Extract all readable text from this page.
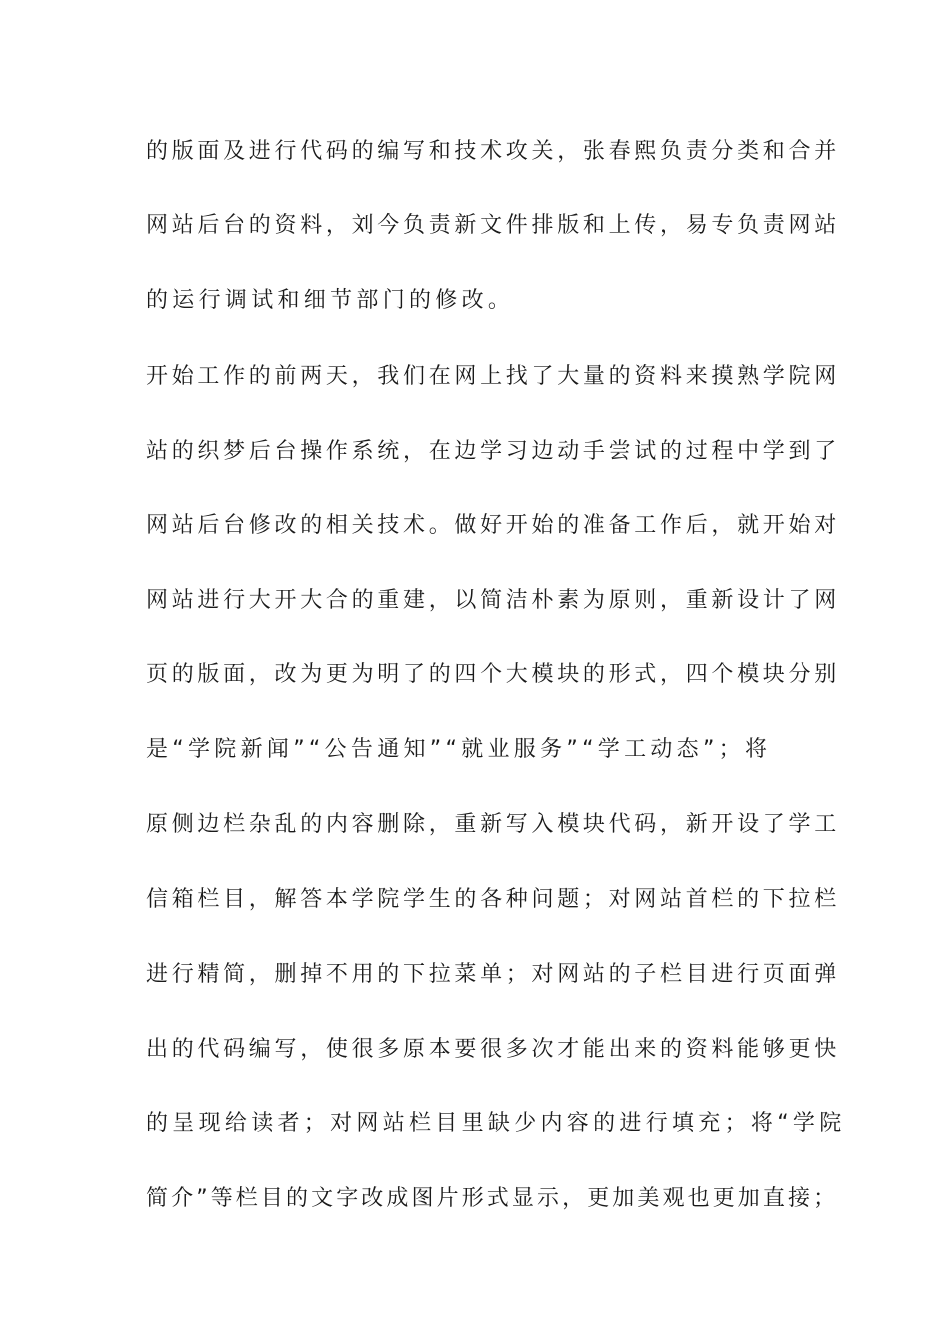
的版面及进行代码的编写和技术攻关，张春熙负责分类和合并
网站后台的资料，刘今负责新文件排版和上传，易专负责网站
的运行调试和细节部门的修改。
开始工作的前两天，我们在网上找了大量的资料来摸熟学院网
站的织梦后台操作系统，在边学习边动手尝试的过程中学到了
网站后台修改的相关技术。做好开始的准备工作后，就开始对
网站进行大开大合的重建，以简洁朴素为原则，重新设计了网
页的版面，改为更为明了的四个大模块的形式，四个模块分别
是“学院新闻”“公告通知”“就业服务”“学工动态”；将
原侧边栏杂乱的内容删除，重新写入模块代码，新开设了学工
信箱栏目，解答本学院学生的各种问题；对网站首栏的下拉栏
进行精简，删掉不用的下拉菜单；对网站的子栏目进行页面弹
出的代码编写，使很多原本要很多次才能出来的资料能够更快
的呈现给读者；对网站栏目里缺少内容的进行填充；将“学院
简介”等栏目的文字改成图片形式显示，更加美观也更加直接；
